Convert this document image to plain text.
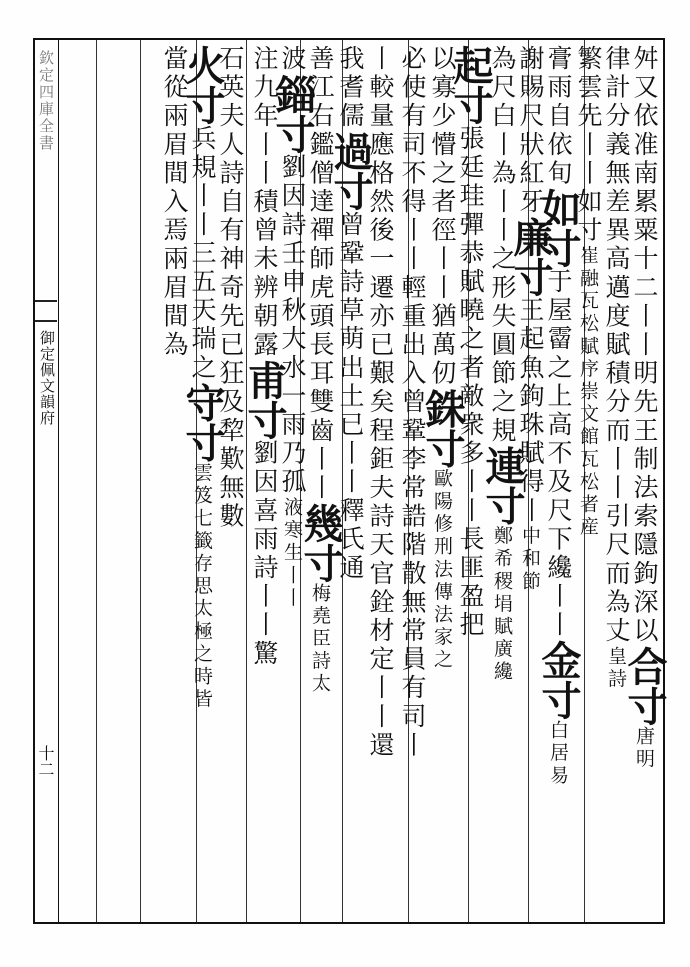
欽定四庫全書
御定佩文韻府
十二
舛又依准南累粟十二丨丨明先王制法索隱鉤深以合寸唐明
律計分義無差異高邁度賦積分而丨丨引尺而為丈皇詩
繁雲先丨丨如寸崔融瓦松賦序崇文館瓦松者産
膏雨自依旬如寸于屋霤之上高不及尺下纔丨丨金寸白居易
謝賜尺狀紅牙廉寸王起魚鉤珠賦得丨中和節
為尺白丨為丨丨之形失圓節之規連寸鄭希稷埍賦廣纔
起寸張廷珪彈恭賦曉之者敵衆多丨丨長匪盈把
以寡少懵之者徑丨丨猶萬仞銖寸歐陽修刑法傳法家之
必使有司不得丨丨輕重出入曾鞏李常誥階散無常員有司丨
丨較量應格然後一遷亦已艱矣程鉅夫詩天官銓材定丨丨還
我耆儒過寸曾鞏詩草萌出土已丨丨釋氏通
善江右鑑僧達禪師虎頭長耳雙齒丨丨幾寸梅堯臣詩太
波錙寸劉因詩壬申秋大水一雨乃孤液寒生丨丨
注九年丨丨積曾未辨朝露甫寸劉因喜雨詩丨丨驚
石英夫人詩自有神奇先已狂及犂歎無數
火寸兵規丨丨三五天瑞之守寸雲笈七籤存思太極之時皆
當從兩眉間入焉兩眉間為
